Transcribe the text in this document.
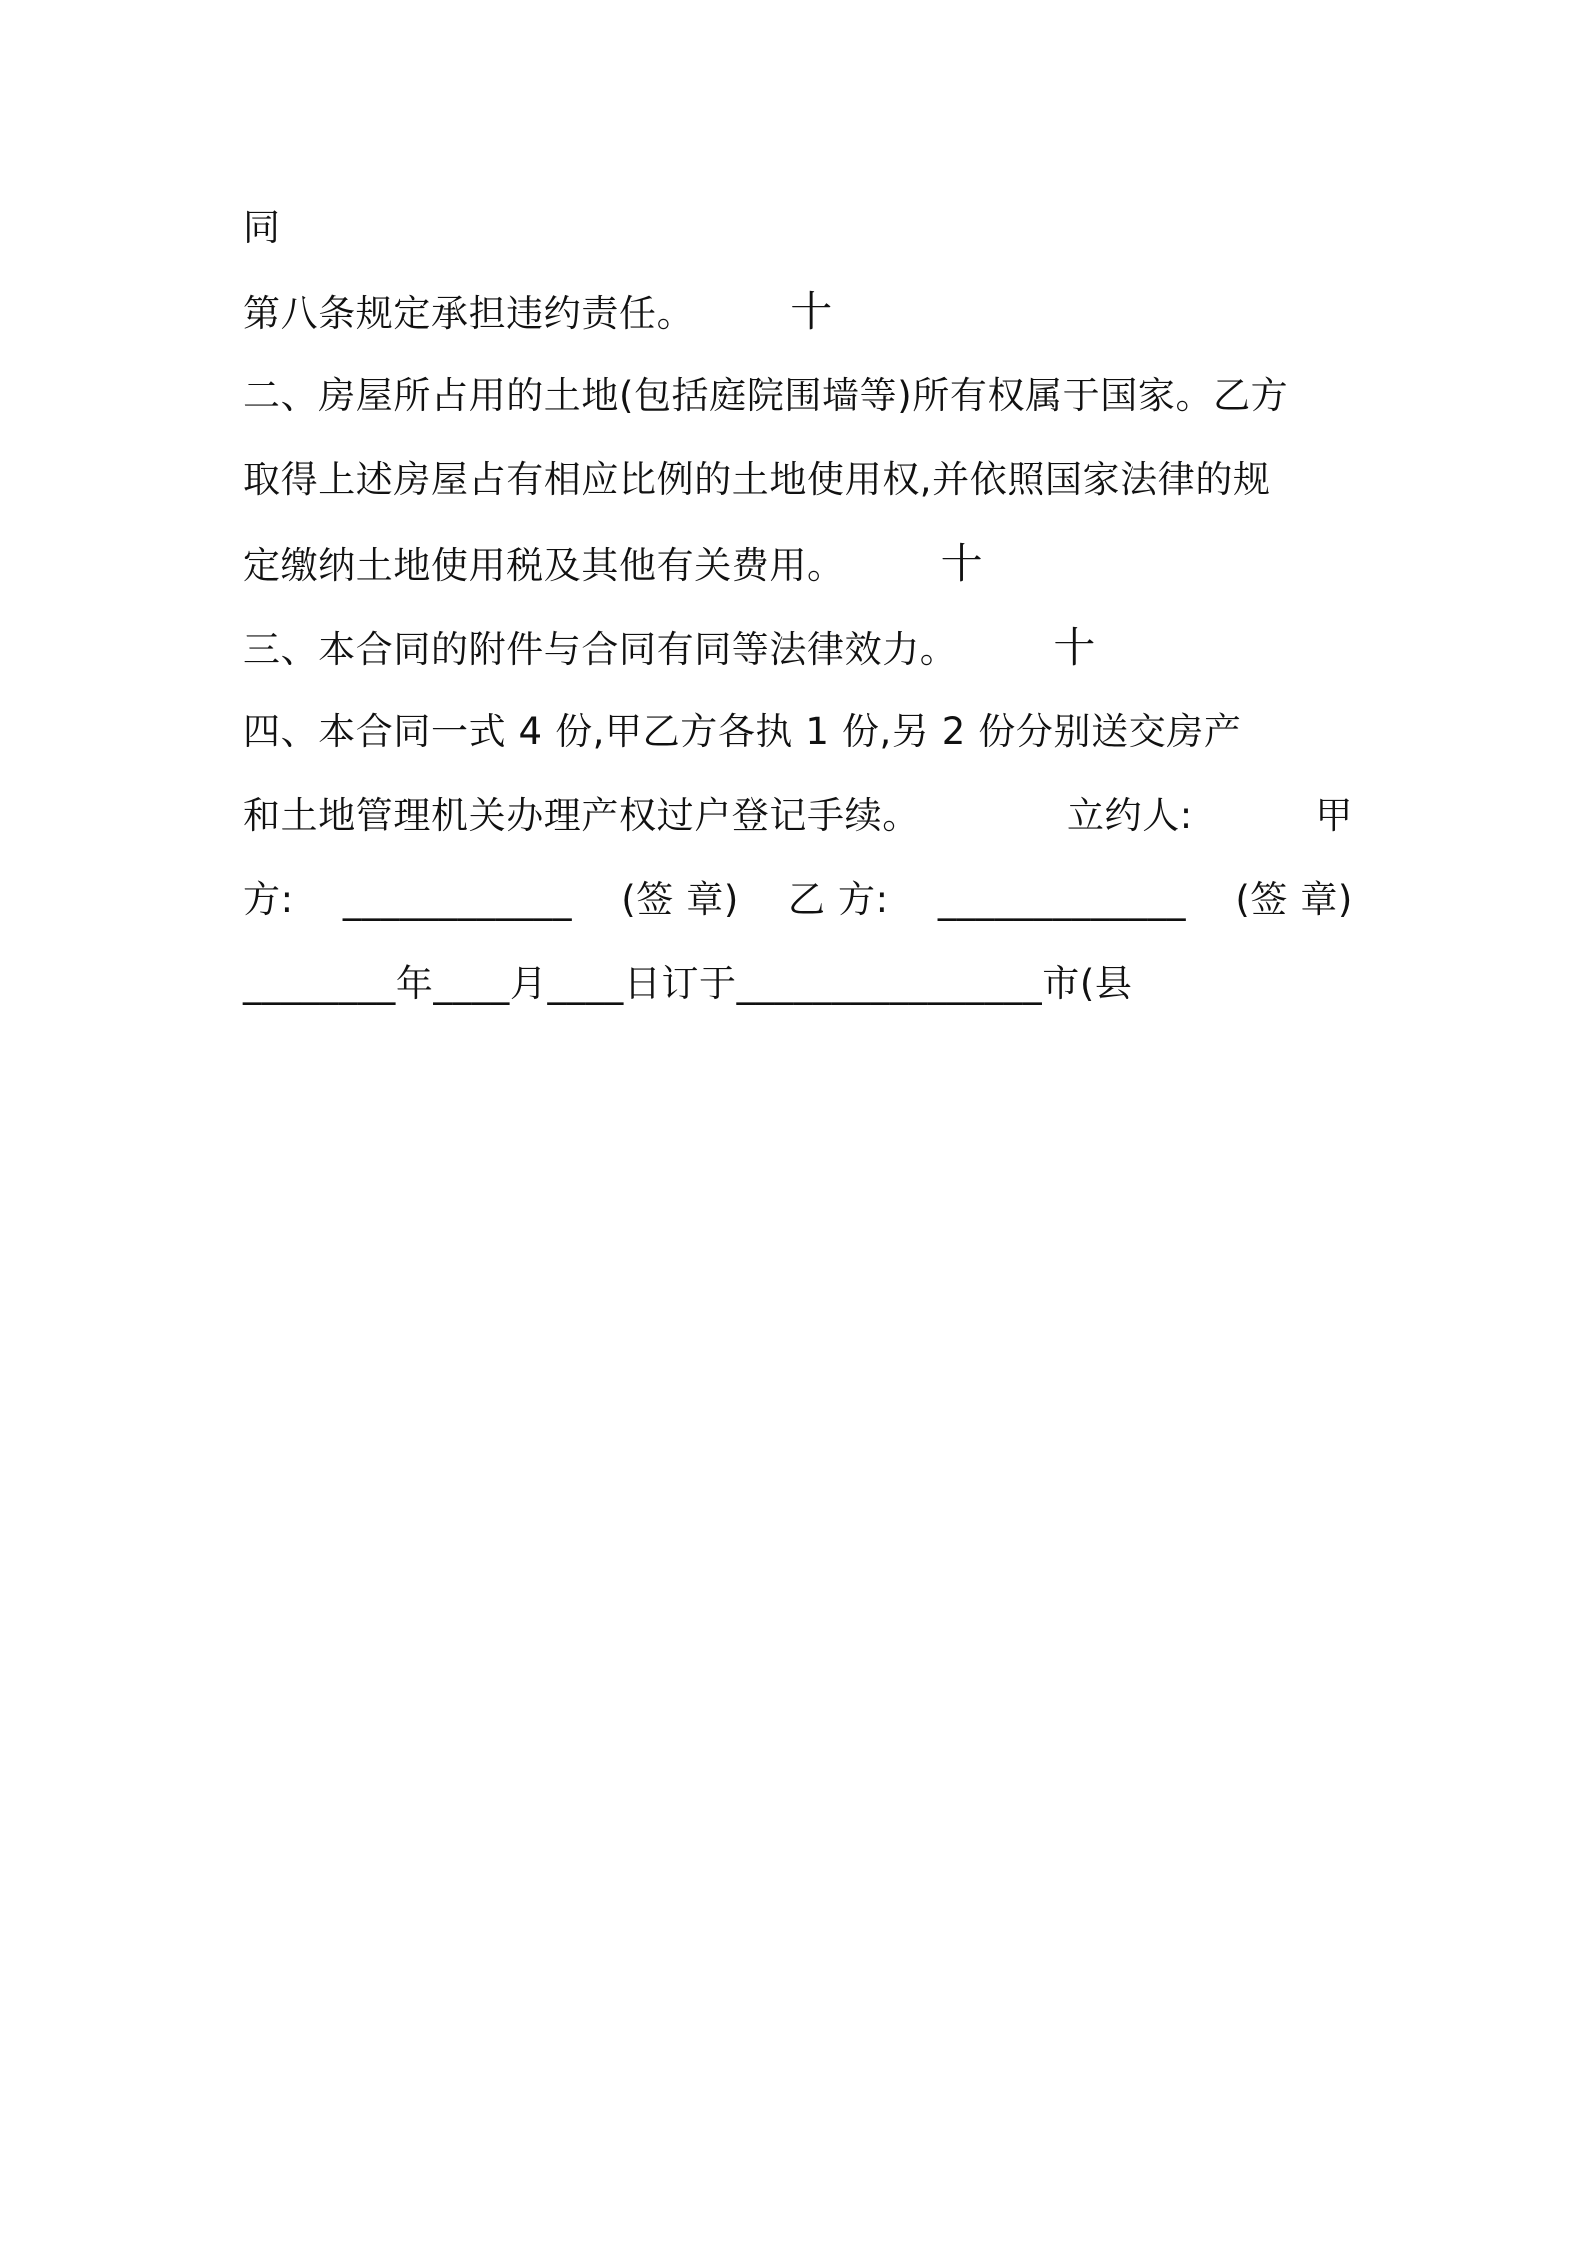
同
第八条规定承担违约责任。 十
二、房屋所占用的土地(包括庭院围墙等)所有权属于国家。乙方
取得上述房屋占有相应比例的土地使用权,并依照国家法律的规
定缴纳土地使用税及其他有关费用。 十
三、本合同的附件与合同有同等法律效力。 十
四、本合同一式 4 份,甲乙方各执 1 份,另 2 份分别送交房产
和土地管理机关办理产权过户登记手续。	立约人:	甲
方: ____________ (签 章) 乙 方: _____________ (签 章)
________ 年 ____ 月 ____ 日订于 ________________ 市(县
